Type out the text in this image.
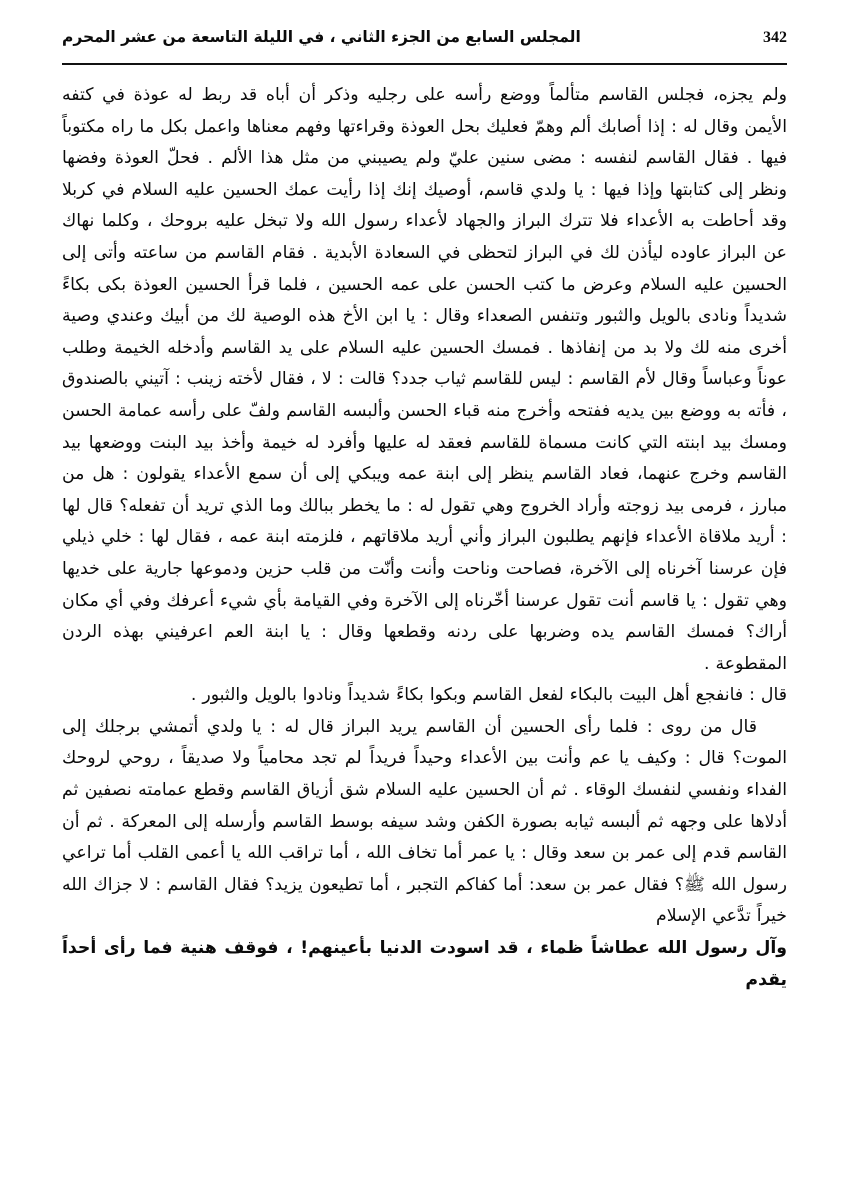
المجلس السابع من الجزء الثاني ، في الليلة التاسعة من عشر المحرم	342

ولم يجزه، فجلس القاسم متألماً ووضع رأسه على رجليه وذكر أن أباه قد ربط له عوذة في كتفه الأيمن وقال له : إذا أصابك ألم وهمّ فعليك بحل العوذة وقراءتها وفهم معناها واعمل بكل ما راه مكتوباً فيها . فقال القاسم لنفسه : مضى سنين عليّ ولم يصيبني من مثل هذا الألم . فحلّ العوذة وفضها ونظر إلى كتابتها وإذا فيها : يا ولدي قاسم، أوصيك إنك إذا رأيت عمك الحسين عليه السلام في كربلا وقد أحاطت به الأعداء فلا تترك البراز والجهاد لأعداء رسول الله ولا تبخل عليه بروحك ، وكلما نهاك عن البراز عاوده ليأذن لك في البراز لتحظى في السعادة الأبدية . فقام القاسم من ساعته وأتى إلى الحسين عليه السلام وعرض ما كتب الحسن على عمه الحسين ، فلما قرأ الحسين العوذة بكى بكاءً شديداً ونادى بالويل والثبور وتنفس الصعداء وقال : يا ابن الأخ هذه الوصية لك من أبيك وعندي وصية أخرى منه لك ولا بد من إنفاذها . فمسك الحسين عليه السلام على يد القاسم وأدخله الخيمة وطلب عوناً وعباساً وقال لأم القاسم : ليس للقاسم ثياب جدد؟ قالت : لا ، فقال لأخته زينب : آتيني بالصندوق ، فأته به ووضع بين يديه ففتحه وأخرج منه قباء الحسن وألبسه القاسم ولفّ على رأسه عمامة الحسن ومسك بيد ابنته التي كانت مسماة للقاسم فعقد له عليها وأفرد له خيمة وأخذ بيد البنت ووضعها بيد القاسم وخرج عنهما، فعاد القاسم ينظر إلى ابنة عمه ويبكي إلى أن سمع الأعداء يقولون : هل من مبارز ، فرمى بيد زوجته وأراد الخروج وهي تقول له : ما يخطر ببالك وما الذي تريد أن تفعله؟ قال لها : أريد ملاقاة الأعداء فإنهم يطلبون البراز وأني أريد ملاقاتهم ، فلزمته ابنة عمه ، فقال لها : خلي ذيلي فإن عرسنا آخرناه إلى الآخرة، فصاحت وناحت وأنت وأنّت من قلب حزين ودموعها جارية على خديها وهي تقول : يا قاسم أنت تقول عرسنا أخّرناه إلى الآخرة وفي القيامة بأي شيء أعرفك وفي أي مكان أراك؟ فمسك القاسم يده وضربها على ردنه وقطعها وقال : يا ابنة العم اعرفيني بهذه الردن المقطوعة .

قال : فانفجع أهل البيت بالبكاء لفعل القاسم وبكوا بكاءً شديداً ونادوا بالويل والثبور .

قال من روى : فلما رأى الحسين أن القاسم يريد البراز قال له : يا ولدي أتمشي برجلك إلى الموت؟ قال : وكيف يا عم وأنت بين الأعداء وحيداً فريداً لم تجد محامياً ولا صديقاً ، روحي لروحك الفداء ونفسي لنفسك الوقاء . ثم أن الحسين عليه السلام شق أزياق القاسم وقطع عمامته نصفين ثم أدلاها على وجهه ثم ألبسه ثيابه بصورة الكفن وشد سيفه بوسط القاسم وأرسله إلى المعركة . ثم أن القاسم قدم إلى عمر بن سعد وقال : يا عمر أما تخاف الله ، أما تراقب الله يا أعمى القلب أما تراعي رسول الله ﷺ؟ فقال عمر بن سعد: أما كفاكم التجبر ، أما تطيعون يزيد؟ فقال القاسم : لا جزاك الله خيراً تدَّعي الإسلام

وآل رسول الله عطاشاً ظماء ، قد اسودت الدنيا بأعينهم! ، فوقف هنية فما رأى أحداً يقدم
